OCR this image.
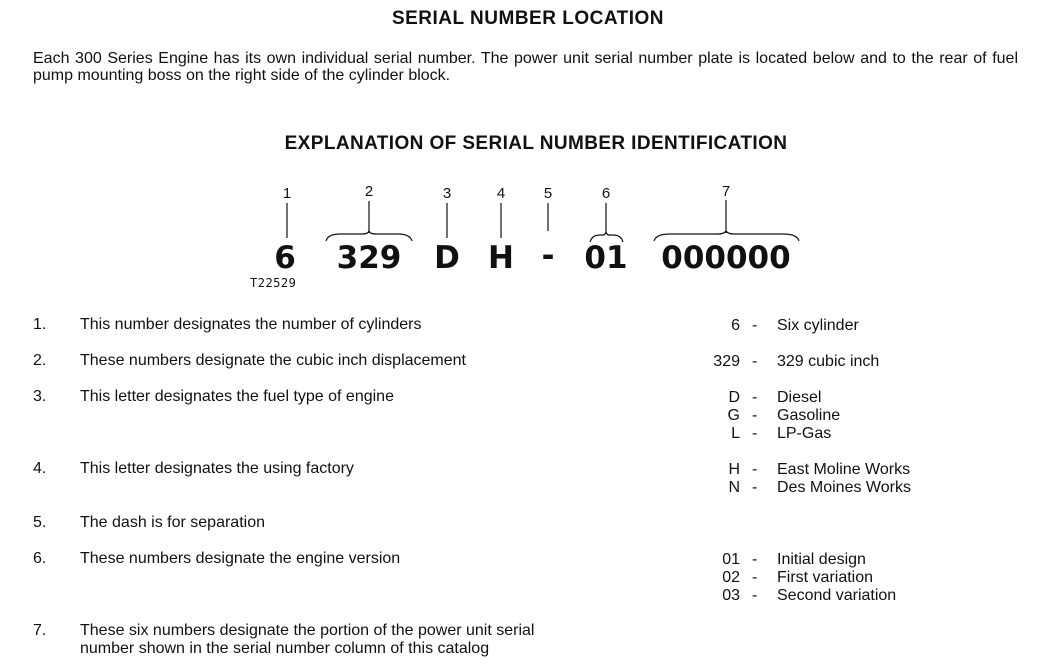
SERIAL NUMBER LOCATION
Each 300 Series Engine has its own individual serial number. The power unit serial number plate is located below and to the rear of fuel pump mounting boss on the right side of the cylinder block.
EXPLANATION OF SERIAL NUMBER IDENTIFICATION
1	2	3	4	5	6	7
6 329 D H - 01 000000
T22529
1. This number designates the number of cylinders	6 - Six cylinder
2. These numbers designate the cubic inch displacement	329 - 329 cubic inch
3. This letter designates the fuel type of engine	D - Diesel
G - Gasoline
L - LP-Gas
4. This letter designates the using factory	H - East Moline Works
N - Des Moines Works
5. The dash is for separation
6. These numbers designate the engine version	01 - Initial design
02 - First variation
03 - Second variation
7. These six numbers designate the portion of the power unit serial
number shown in the serial number column of this catalog
